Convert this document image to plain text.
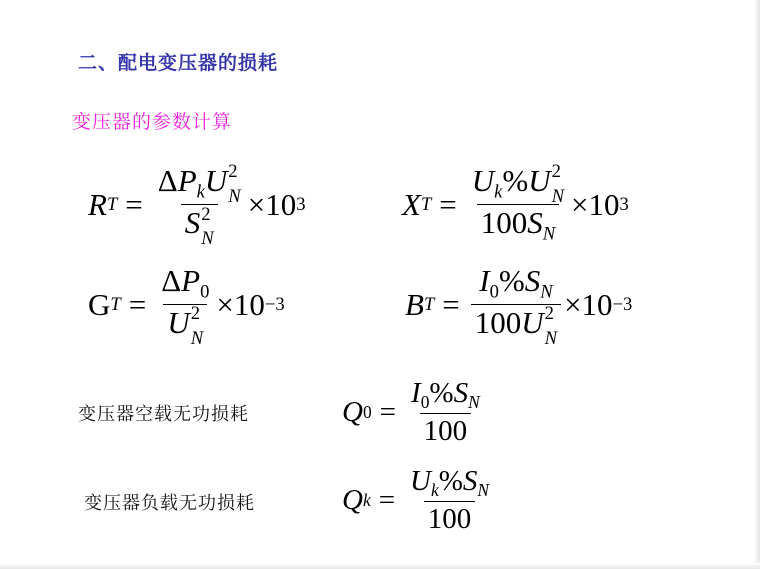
二、配电变压器的损耗
变压器的参数计算
R $T = \Delta P_kU$ 2
N
S 2
N × 10 3	X $T = U_k\%U$ 2
N
$100S_N \times 10$ 3
G $T = \Delta P_0$
U 2
N × 10 −3	B $T = I_0\%S_N$
100U 2
N × 10 −3
变压器空载无功损耗	Q $0 = \frac{I_0\%S_N}{100}$
变压器负载无功损耗	Q $k = \frac{U_k\%S_N}{100}$
